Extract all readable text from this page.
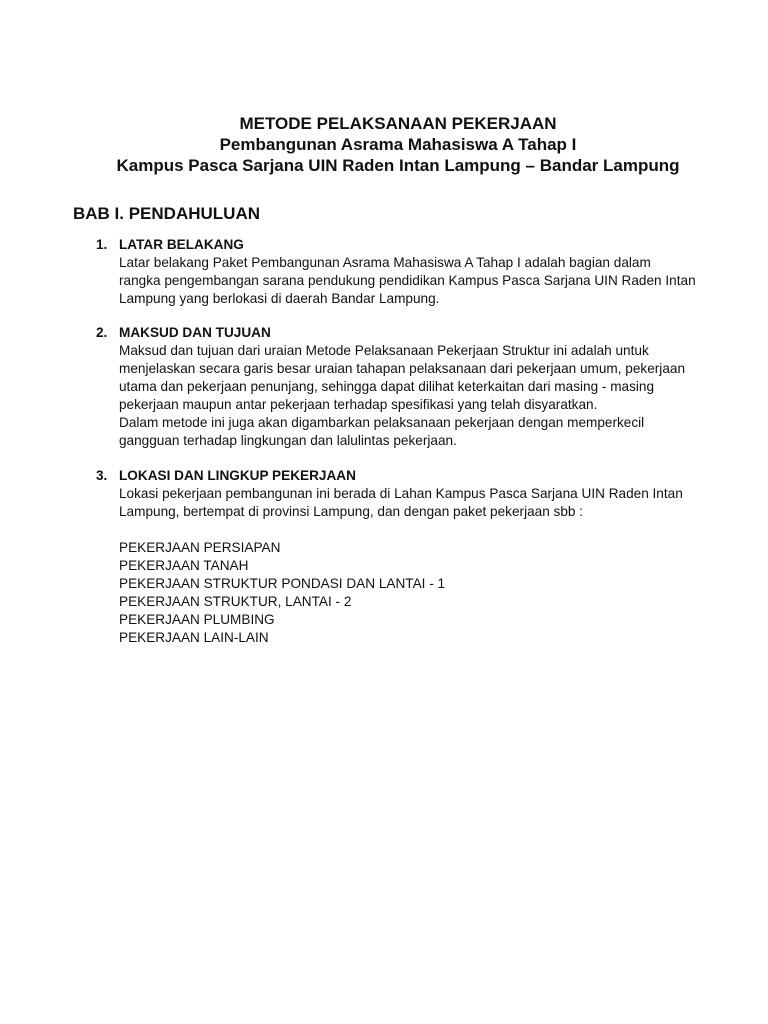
METODE PELAKSANAAN PEKERJAAN
Pembangunan Asrama Mahasiswa A Tahap I
Kampus Pasca Sarjana UIN Raden Intan Lampung – Bandar Lampung
BAB I. PENDAHULUAN
1. LATAR BELAKANG
Latar belakang Paket Pembangunan Asrama Mahasiswa A Tahap I adalah bagian dalam
rangka pengembangan sarana pendukung pendidikan Kampus Pasca Sarjana UIN Raden Intan
Lampung yang berlokasi di daerah Bandar Lampung.
2. MAKSUD DAN TUJUAN
Maksud dan tujuan dari uraian Metode Pelaksanaan Pekerjaan Struktur ini adalah untuk
menjelaskan secara garis besar uraian tahapan pelaksanaan dari pekerjaan umum, pekerjaan
utama dan pekerjaan penunjang, sehingga dapat dilihat keterkaitan dari masing - masing
pekerjaan maupun antar pekerjaan terhadap spesifikasi yang telah disyaratkan.
Dalam metode ini juga akan digambarkan pelaksanaan pekerjaan dengan memperkecil
gangguan terhadap lingkungan dan lalulintas pekerjaan.
3. LOKASI DAN LINGKUP PEKERJAAN
Lokasi pekerjaan pembangunan ini berada di Lahan Kampus Pasca Sarjana UIN Raden Intan
Lampung, bertempat di provinsi Lampung, dan dengan paket pekerjaan sbb :
PEKERJAAN PERSIAPAN
PEKERJAAN TANAH
PEKERJAAN STRUKTUR PONDASI DAN LANTAI - 1
PEKERJAAN STRUKTUR, LANTAI - 2
PEKERJAAN PLUMBING
PEKERJAAN LAIN-LAIN
